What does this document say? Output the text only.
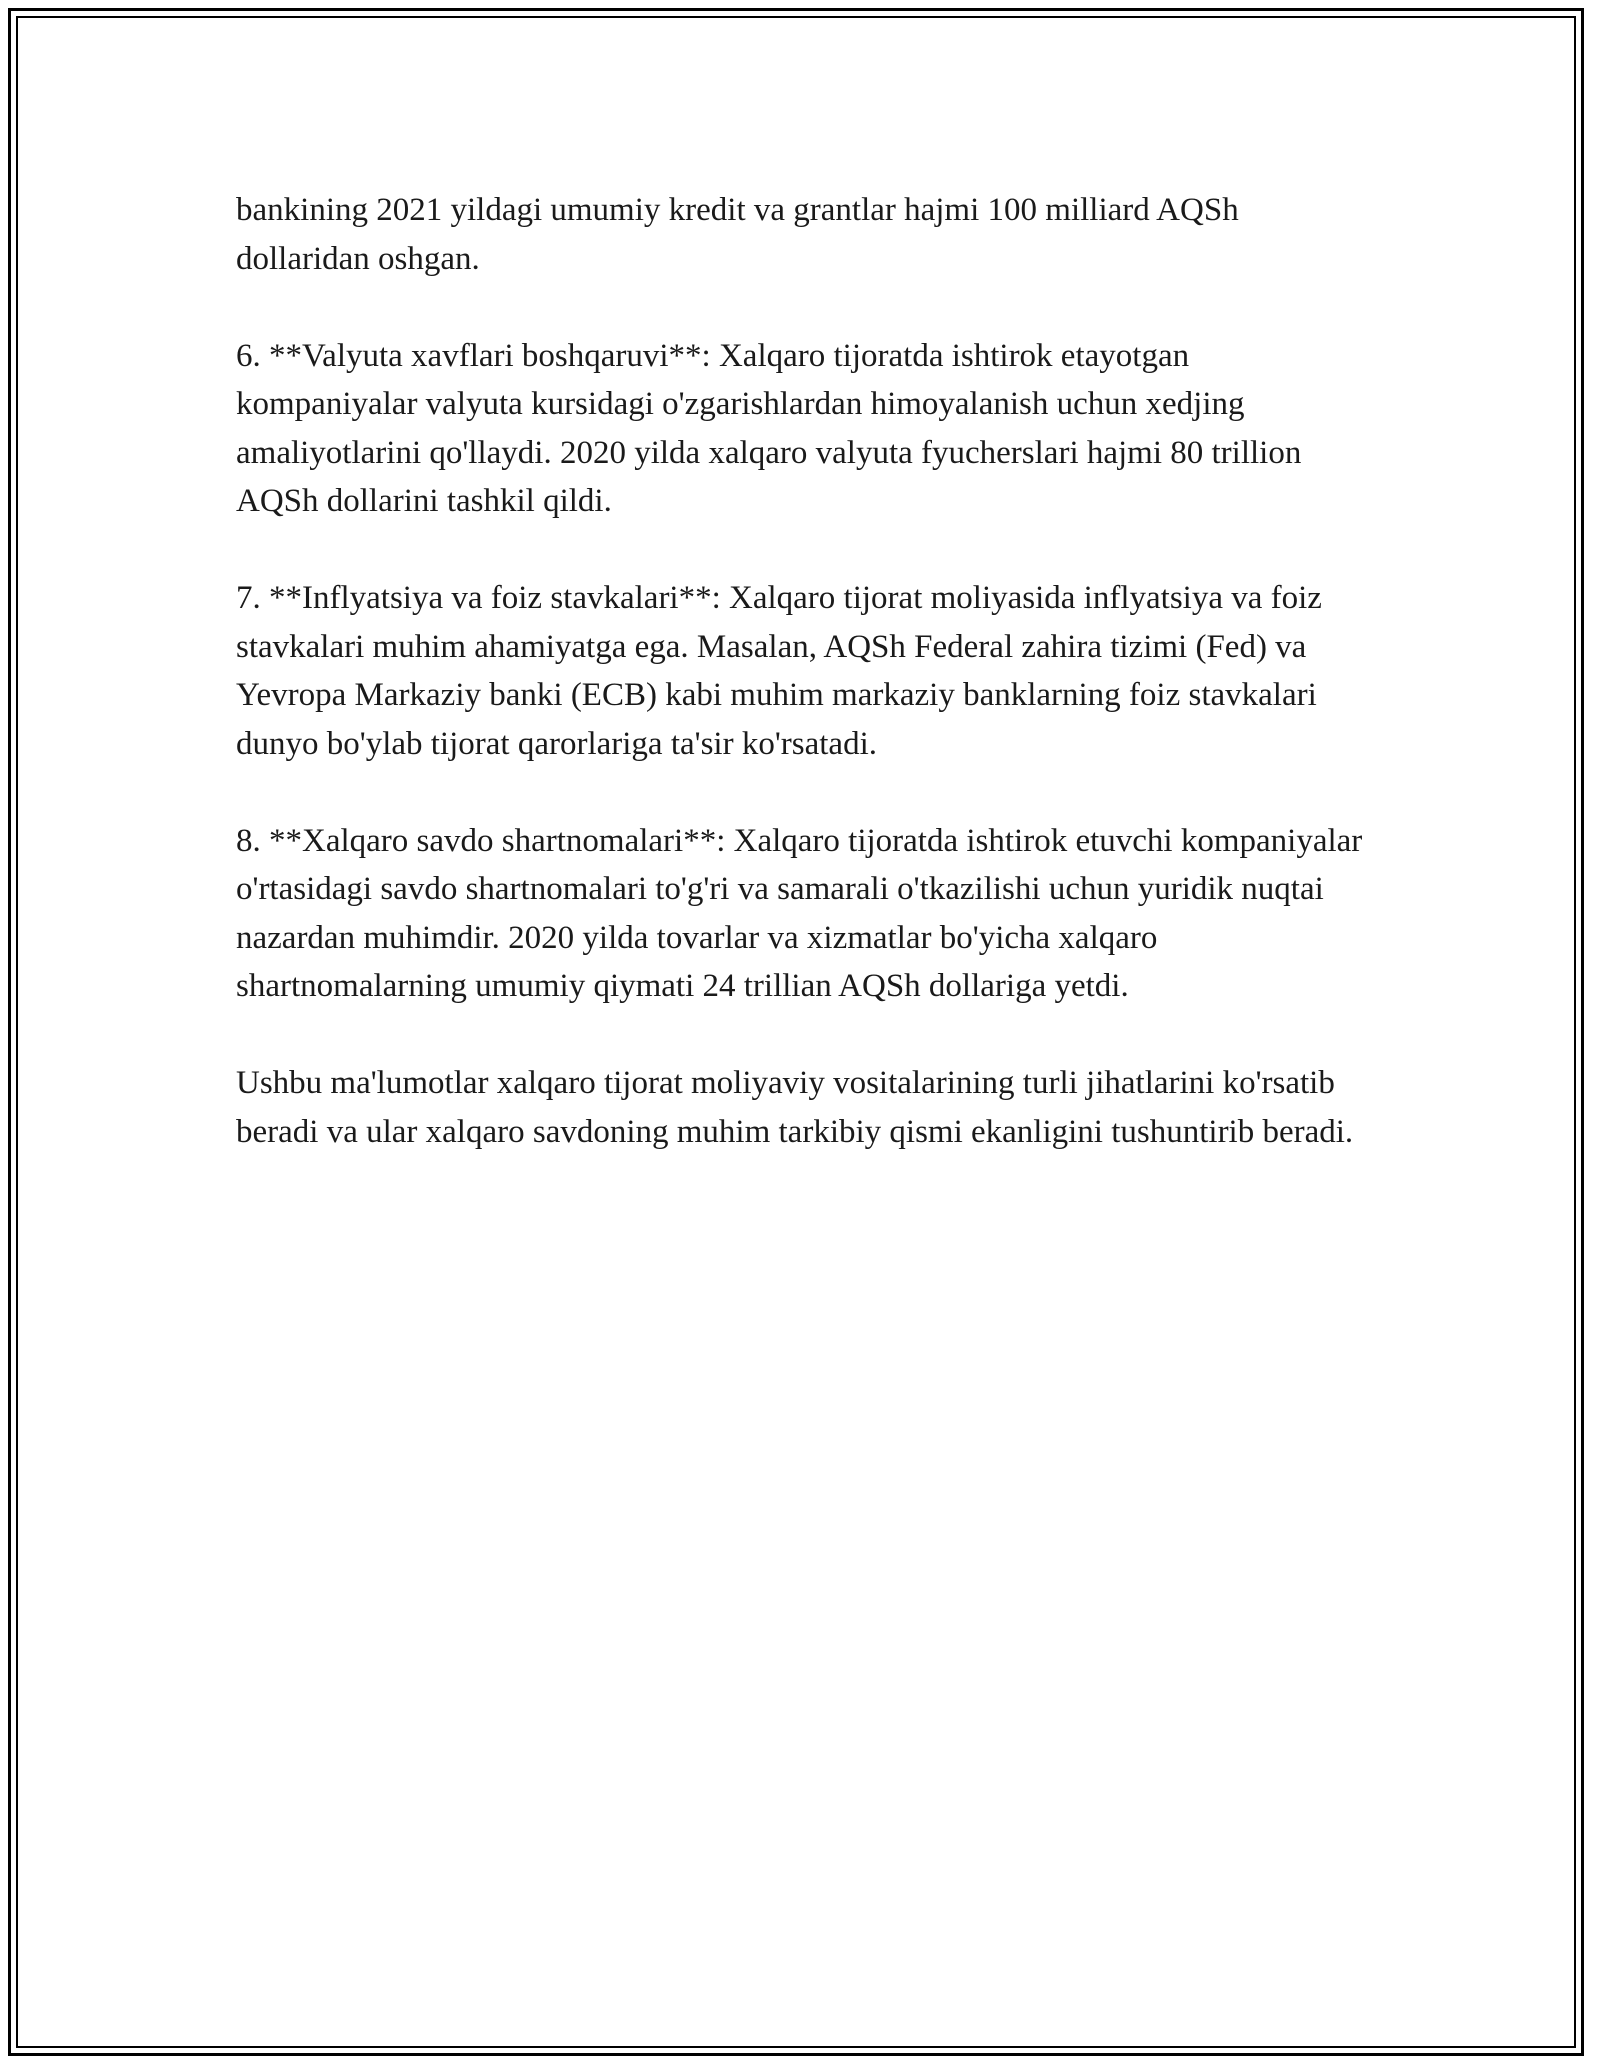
bankining 2021 yildagi umumiy kredit va grantlar hajmi 100 milliard AQSh dollaridan oshgan.

6. **Valyuta xavflari boshqaruvi**: Xalqaro tijoratda ishtirok etayotgan kompaniyalar valyuta kursidagi o'zgarishlardan himoyalanish uchun xedjing amaliyotlarini qo'llaydi. 2020 yilda xalqaro valyuta fyucherslari hajmi 80 trillion AQSh dollarini tashkil qildi.

7. **Inflyatsiya va foiz stavkalari**: Xalqaro tijorat moliyasida inflyatsiya va foiz stavkalari muhim ahamiyatga ega. Masalan, AQSh Federal zahira tizimi (Fed) va Yevropa Markaziy banki (ECB) kabi muhim markaziy banklarning foiz stavkalari dunyo bo'ylab tijorat qarorlariga ta'sir ko'rsatadi.

8. **Xalqaro savdo shartnomalari**: Xalqaro tijoratda ishtirok etuvchi kompaniyalar o'rtasidagi savdo shartnomalari to'g'ri va samarali o'tkazilishi uchun yuridik nuqtai nazardan muhimdir. 2020 yilda tovarlar va xizmatlar bo'yicha xalqaro shartnomalarning umumiy qiymati 24 trillian AQSh dollariga yetdi.

Ushbu ma'lumotlar xalqaro tijorat moliyaviy vositalarining turli jihatlarini ko'rsatib beradi va ular xalqaro savdoning muhim tarkibiy qismi ekanligini tushuntirib beradi.
